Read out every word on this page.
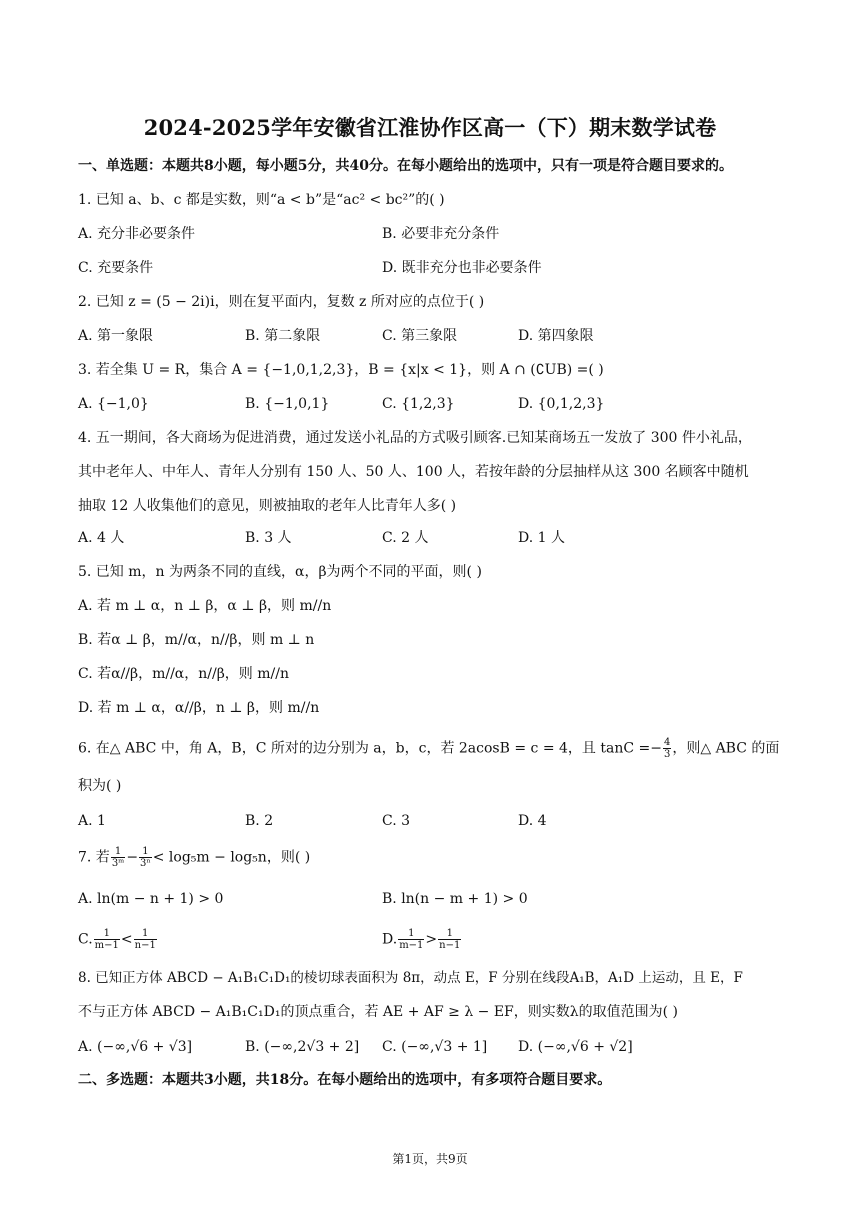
2024-2025学年安徽省江淮协作区高一（下）期末数学试卷
一、单选题：本题共8小题，每小题5分，共40分。在每小题给出的选项中，只有一项是符合题目要求的。
1. 已知 a、b、c 都是实数，则“a < b”是“ac² < bc²”的( )
A. 充分非必要条件	B. 必要非充分条件
C. 充要条件	D. 既非充分也非必要条件
2. 已知 z = (5 − 2i)i，则在复平面内，复数 z 所对应的点位于( )
A. 第一象限	B. 第二象限	C. 第三象限	D. 第四象限
3. 若全集 U = R，集合 A = {−1,0,1,2,3}，B = {x|x < 1}，则 A ∩ (∁UB) =( )
A. {−1,0}	B. {−1,0,1}	C. {1,2,3}	D. {0,1,2,3}
4. 五一期间，各大商场为促进消费，通过发送小礼品的方式吸引顾客.已知某商场五一发放了 300 件小礼品，
其中老年人、中年人、青年人分别有 150 人、50 人、100 人，若按年龄的分层抽样从这 300 名顾客中随机
抽取 12 人收集他们的意见，则被抽取的老年人比青年人多( )
A. 4 人	B. 3 人	C. 2 人	D. 1 人
5. 已知 m，n 为两条不同的直线，α，β为两个不同的平面，则( )
A. 若 m ⊥ α，n ⊥ β，α ⊥ β，则 m//n
B. 若α ⊥ β，m//α，n//β，则 m ⊥ n
C. 若α//β，m//α，n//β，则 m//n
D. 若 m ⊥ α，α//β，n ⊥ β，则 m//n
6. 在△ ABC 中，角 A，B，C 所对的边分别为 a，b，c，若 2acosB = c = 4，且 $\tan C =- \frac{4}{3}$ ，则△ ABC 的面
积为( )
A. 1	B. 2	C. 3	D. 4
7. 若 $\frac{1}{\text{3ᵐ}} - \frac{1}{\text{3ⁿ}} < \log_5m - \log_5n$，则( )
A. ln(m − n + 1) > 0	B. ln(n − m + 1) > 0
C. $\frac{1}{m-1} < \frac{1}{n-1}$	D. $\frac{1}{m-1} > \frac{1}{n-1}$
8. 已知正方体 ABCD − A₁B₁C₁D₁的棱切球表面积为 8π，动点 E，F 分别在线段A₁B，A₁D 上运动，且 E，F
不与正方体 ABCD − A₁B₁C₁D₁的顶点重合，若 AE + AF ≥ λ − EF，则实数λ的取值范围为( )
A. (−∞,√6 + √3]	B. (−∞,2√3 + 2] C. (−∞,√3 + 1] D. (−∞,√6 + √2]
二、多选题：本题共3小题，共18分。在每小题给出的选项中，有多项符合题目要求。
第1页，共9页
